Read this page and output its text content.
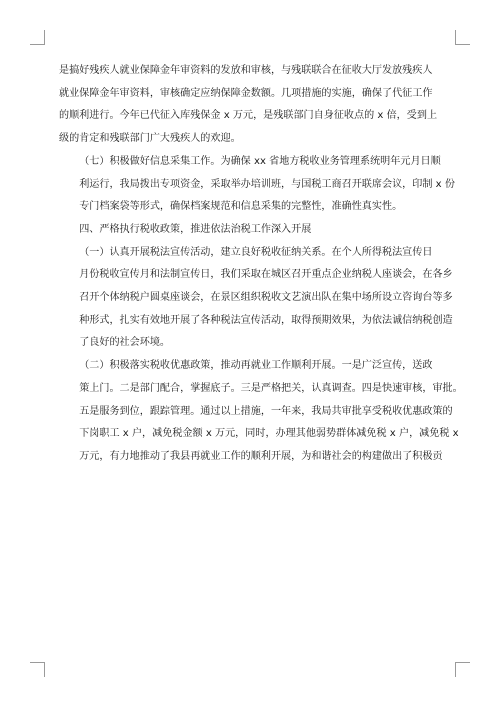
是搞好残疾人就业保障金年审资料的发放和审核，与残联联合在征收大厅发放残疾人
就业保障金年审资料，审核确定应纳保障金数额。几项措施的实施，确保了代征工作
的顺利进行。今年已代征入库残保金 x 万元，是残联部门自身征收点的 x 倍，受到上
级的肯定和残联部门广大残疾人的欢迎。

（七）积极做好信息采集工作。为确保 xx 省地方税收业务管理系统明年元月日顺
利运行，我局拨出专项资金，采取举办培训班，与国税工商召开联席会议，印制 x 份
专门档案袋等形式，确保档案规范和信息采集的完整性，准确性真实性。

四、严格执行税收政策，推进依法治税工作深入开展

（一）认真开展税法宣传活动，建立良好税收征纳关系。在个人所得税法宣传日
月份税收宣传月和法制宣传日，我们采取在城区召开重点企业纳税人座谈会，在各乡
召开个体纳税户圆桌座谈会，在景区组织税收文艺演出队在集中场所设立咨询台等多
种形式，扎实有效地开展了各种税法宣传活动，取得预期效果，为依法诚信纳税创造
了良好的社会环境。

（二）积极落实税收优惠政策，推动再就业工作顺利开展。一是广泛宣传，送政
策上门。二是部门配合，掌握底子。三是严格把关，认真调查。四是快速审核，审批。
五是服务到位，跟踪管理。通过以上措施，一年来，我局共审批享受税收优惠政策的
下岗职工 x 户，减免税金额 x 万元，同时，办理其他弱势群体减免税 x 户，减免税 x
万元，有力地推动了我县再就业工作的顺利开展，为和谐社会的构建做出了积极贡
